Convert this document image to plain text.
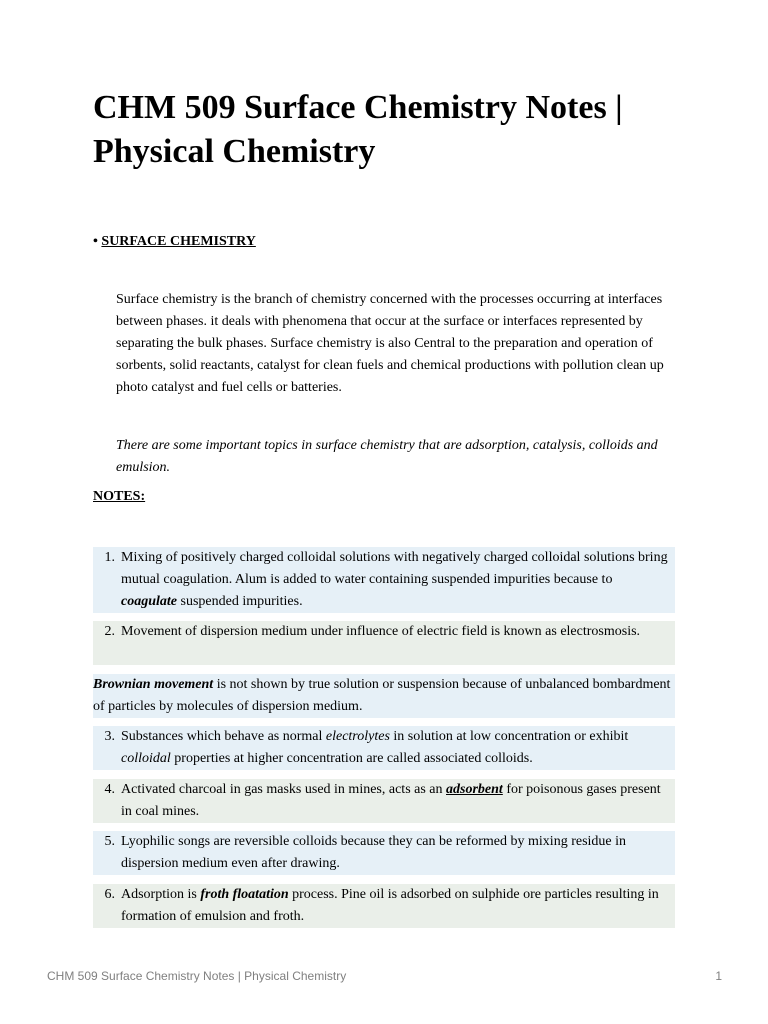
CHM 509 Surface Chemistry Notes | Physical Chemistry
• SURFACE CHEMISTRY

Surface chemistry is the branch of chemistry concerned with the processes occurring at interfaces between phases. it deals with phenomena that occur at the surface or interfaces represented by separating the bulk phases. Surface chemistry is also Central to the preparation and operation of sorbents, solid reactants, catalyst for clean fuels and chemical productions with pollution clean up photo catalyst and fuel cells or batteries.

There are some important topics in surface chemistry that are adsorption, catalysis, colloids and emulsion.

NOTES:
1. Mixing of positively charged colloidal solutions with negatively charged colloidal solutions bring mutual coagulation. Alum is added to water containing suspended impurities because to coagulate suspended impurities.
2. Movement of dispersion medium under influence of electric field is known as electrosmosis.
Brownian movement is not shown by true solution or suspension because of unbalanced bombardment of particles by molecules of dispersion medium.
3. Substances which behave as normal electrolytes in solution at low concentration or exhibit colloidal properties at higher concentration are called associated colloids.
4. Activated charcoal in gas masks used in mines, acts as an adsorbent for poisonous gases present in coal mines.
5. Lyophilic songs are reversible colloids because they can be reformed by mixing residue in dispersion medium even after drawing.
6. Adsorption is froth floatation process. Pine oil is adsorbed on sulphide ore particles resulting in formation of emulsion and froth.
CHM 509 Surface Chemistry Notes | Physical Chemistry	1
